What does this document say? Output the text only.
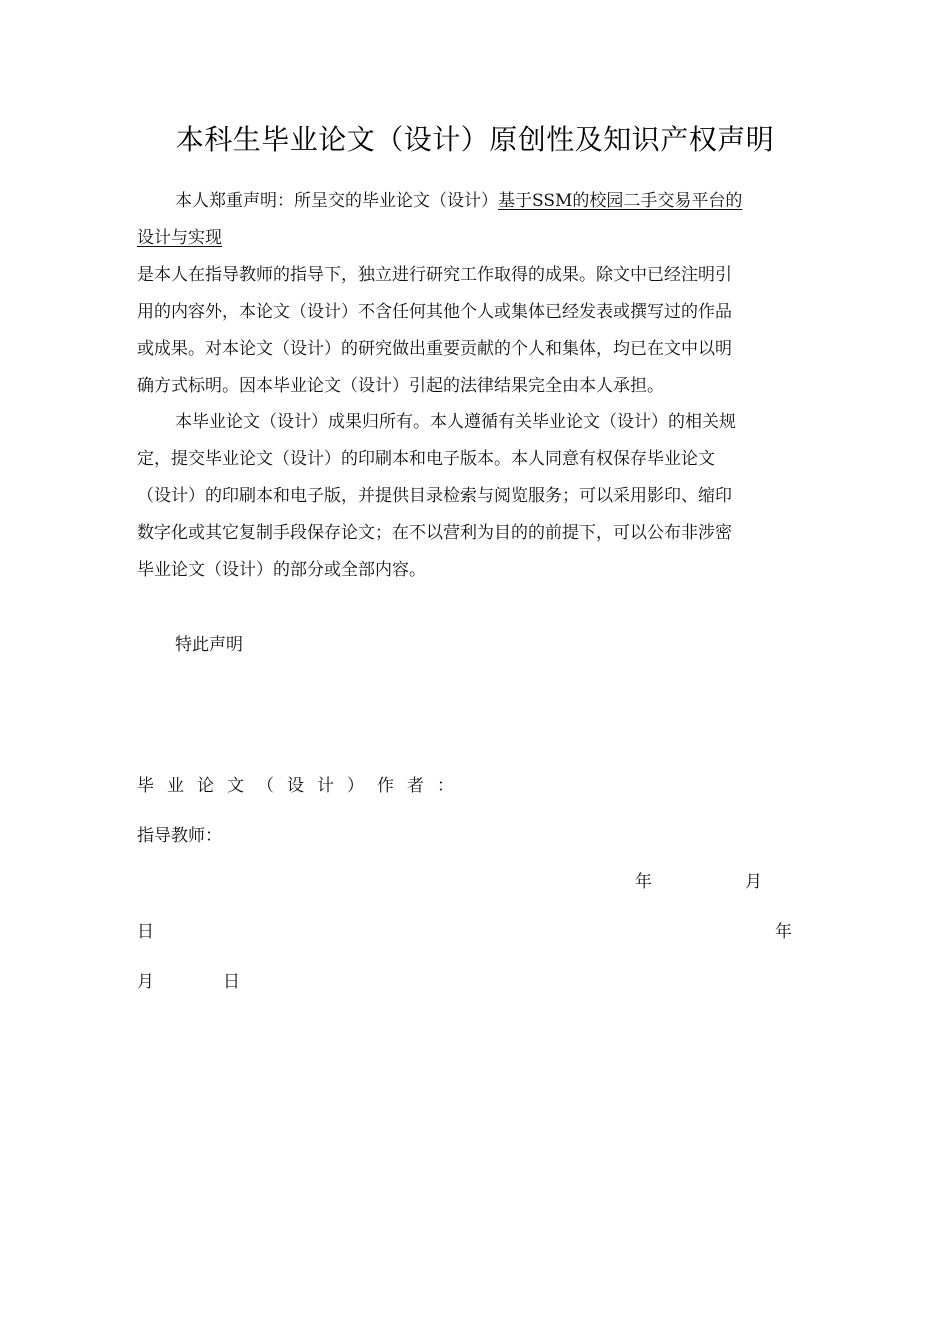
本科生毕业论文（设计）原创性及知识产权声明
本人郑重声明：所呈交的毕业论文（设计）基于SSM的校园二手交易平台的
设计与实现
是本人在指导教师的指导下，独立进行研究工作取得的成果。除文中已经注明引
用的内容外，本论文（设计）不含任何其他个人或集体已经发表或撰写过的作品
或成果。对本论文（设计）的研究做出重要贡献的个人和集体，均已在文中以明
确方式标明。因本毕业论文（设计）引起的法律结果完全由本人承担。
本毕业论文（设计）成果归所有。本人遵循有关毕业论文（设计）的相关规
定，提交毕业论文（设计）的印刷本和电子版本。本人同意有权保存毕业论文
（设计）的印刷本和电子版，并提供目录检索与阅览服务；可以采用影印、缩印
数字化或其它复制手段保存论文；在不以营利为目的的前提下，可以公布非涉密
毕业论文（设计）的部分或全部内容。
特此声明
毕业论文（设计）作者：
指导教师：
年	月
日	年
月	日
